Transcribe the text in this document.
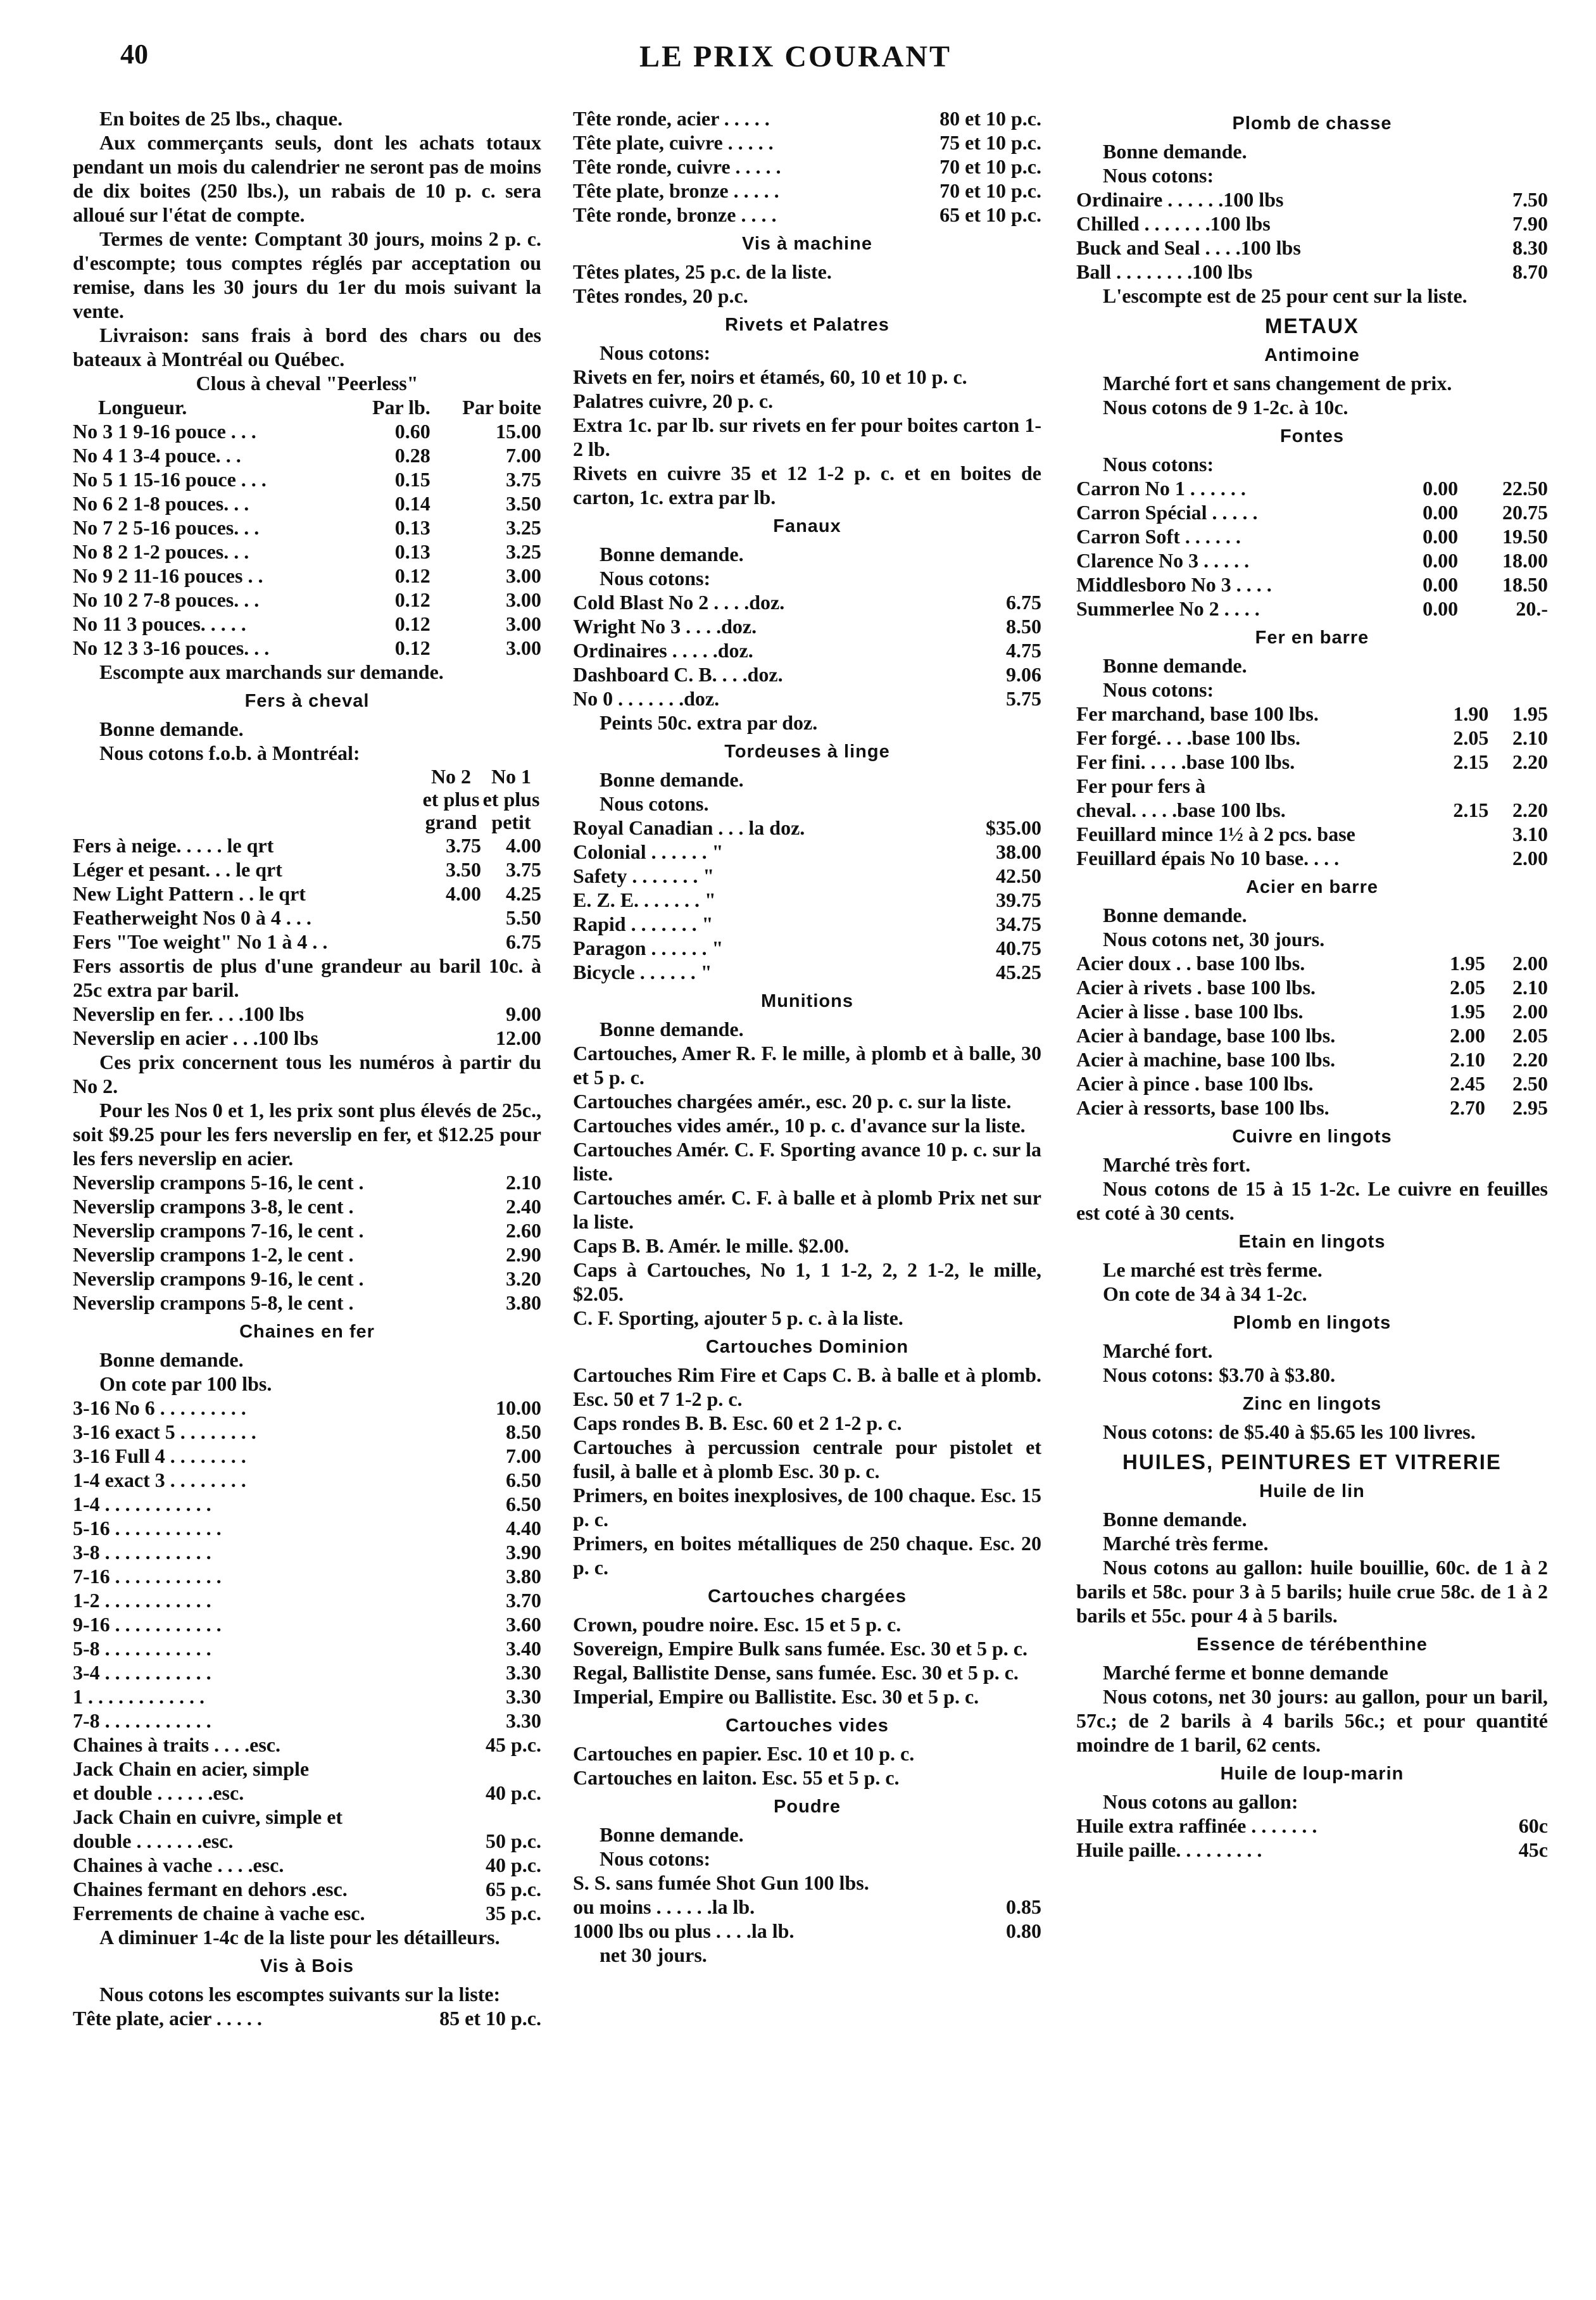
40	LE PRIX COURANT

En boites de 25 lbs., chaque.

Aux commerçants seuls, dont les achats totaux pendant un mois du calendrier ne seront pas de moins de dix boites (250 lbs.), un rabais de 10 p. c. sera alloué sur l'état de compte.

Termes de vente: Comptant 30 jours, moins 2 p. c. d'escompte; tous comptes réglés par acceptation ou remise, dans les 30 jours du 1er du mois suivant la vente.

Livraison: sans frais à bord des chars ou des bateaux à Montréal ou Québec.

Clous à cheval "Peerless"

Longueur.	Par lb.	Par boite
No 3 1 9-16 pouce . . .	0.60	15.00
No 4 1 3-4 pouce. . .	0.28	7.00
No 5 1 15-16 pouce . . .	0.15	3.75
No 6 2 1-8 pouces. . .	0.14	3.50
No 7 2 5-16 pouces. . .	0.13	3.25
No 8 2 1-2 pouces. . .	0.13	3.25
No 9 2 11-16 pouces . .	0.12	3.00
No 10 2 7-8 pouces. . .	0.12	3.00
No 11 3 pouces. . . . .	0.12	3.00
No 12 3 3-16 pouces. . .	0.12	3.00

Escompte aux marchands sur demande.

Fers à cheval

Bonne demande.

Nous cotons f.o.b. à Montréal:

	No 2 et plus grand	No 1 et plus petit
Fers à neige. . . . . le qrt	3.75	4.00
Léger et pesant. . . le qrt	3.50	3.75
New Light Pattern . . le qrt	4.00	4.25
Featherweight Nos 0 à 4 . . .		5.50
Fers "Toe weight" No 1 à 4 . .		6.75

Fers assortis de plus d'une grandeur au baril 10c. à 25c extra par baril.

Neverslip en fer. . . .100 lbs	9.00
Neverslip en acier . . .100 lbs	12.00

Ces prix concernent tous les numéros à partir du No 2.

Pour les Nos 0 et 1, les prix sont plus élevés de 25c., soit $9.25 pour les fers neverslip en fer, et $12.25 pour les fers neverslip en acier.

Neverslip crampons 5-16, le cent .	2.10
Neverslip crampons 3-8, le cent .	2.40
Neverslip crampons 7-16, le cent .	2.60
Neverslip crampons 1-2, le cent .	2.90
Neverslip crampons 9-16, le cent .	3.20
Neverslip crampons 5-8, le cent .	3.80
Chaines en fer

Bonne demande.

On cote par 100 lbs.

3-16 No 6 . . . . . . . . .	10.00
3-16 exact 5 . . . . . . . .	8.50
3-16 Full 4 . . . . . . . .	7.00
1-4 exact 3 . . . . . . . .	6.50
1-4 . . . . . . . . . . .	6.50
5-16 . . . . . . . . . . .	4.40
3-8 . . . . . . . . . . .	3.90
7-16 . . . . . . . . . . .	3.80
1-2 . . . . . . . . . . .	3.70
9-16 . . . . . . . . . . .	3.60
5-8 . . . . . . . . . . .	3.40
3-4 . . . . . . . . . . .	3.30
1 . . . . . . . . . . . .	3.30
7-8 . . . . . . . . . . .	3.30
Chaines à traits . . . .esc.	45 p.c.
Jack Chain en acier, simple	
et double . . . . . .esc.	40 p.c.
Jack Chain en cuivre, simple et	
double . . . . . . .esc.	50 p.c.
Chaines à vache . . . .esc.	40 p.c.
Chaines fermant en dehors .esc.	65 p.c.
Ferrements de chaine à vache esc.	35 p.c.

A diminuer 1-4c de la liste pour les détailleurs.

Vis à Bois

Nous cotons les escomptes suivants sur la liste:

Tête plate, acier . . . . .	85 et 10 p.c.
Tête ronde, acier . . . . .	80 et 10 p.c.
Tête plate, cuivre . . . . .	75 et 10 p.c.
Tête ronde, cuivre . . . . .	70 et 10 p.c.
Tête plate, bronze . . . . .	70 et 10 p.c.
Tête ronde, bronze . . . .	65 et 10 p.c.
Vis à machine

Têtes plates, 25 p.c. de la liste.

Têtes rondes, 20 p.c.

Rivets et Palatres

Nous cotons:

Rivets en fer, noirs et étamés, 60, 10 et 10 p. c.

Palatres cuivre, 20 p. c.

Extra 1c. par lb. sur rivets en fer pour boites carton 1-2 lb.

Rivets en cuivre 35 et 12 1-2 p. c. et en boites de carton, 1c. extra par lb.

Fanaux

Bonne demande.

Nous cotons:

Cold Blast No 2 . . . .doz.	6.75
Wright No 3 . . . .doz.	8.50
Ordinaires . . . . .doz.	4.75
Dashboard C. B. . . .doz.	9.06
No 0 . . . . . . .doz.	5.75

Peints 50c. extra par doz.

Tordeuses à linge

Bonne demande.

Nous cotons.

Royal Canadian . . . la doz.	$35.00
Colonial . . . . . . "	38.00
Safety . . . . . . . "	42.50
E. Z. E. . . . . . . "	39.75
Rapid . . . . . . . "	34.75
Paragon . . . . . . "	40.75
Bicycle . . . . . . "	45.25
Munitions

Bonne demande.

Cartouches, Amer R. F. le mille, à plomb et à balle, 30 et 5 p. c.

Cartouches chargées amér., esc. 20 p. c. sur la liste.

Cartouches vides amér., 10 p. c. d'avance sur la liste.

Cartouches Amér. C. F. Sporting avance 10 p. c. sur la liste.

Cartouches amér. C. F. à balle et à plomb Prix net sur la liste.

Caps B. B. Amér. le mille. $2.00.

Caps à Cartouches, No 1, 1 1-2, 2, 2 1-2, le mille, $2.05.

C. F. Sporting, ajouter 5 p. c. à la liste.

Cartouches Dominion

Cartouches Rim Fire et Caps C. B. à balle et à plomb. Esc. 50 et 7 1-2 p. c.

Caps rondes B. B. Esc. 60 et 2 1-2 p. c.

Cartouches à percussion centrale pour pistolet et fusil, à balle et à plomb Esc. 30 p. c.

Primers, en boites inexplosives, de 100 chaque. Esc. 15 p. c.

Primers, en boites métalliques de 250 chaque. Esc. 20 p. c.

Cartouches chargées

Crown, poudre noire. Esc. 15 et 5 p. c.

Sovereign, Empire Bulk sans fumée. Esc. 30 et 5 p. c.

Regal, Ballistite Dense, sans fumée. Esc. 30 et 5 p. c.

Imperial, Empire ou Ballistite. Esc. 30 et 5 p. c.

Cartouches vides

Cartouches en papier. Esc. 10 et 10 p. c.

Cartouches en laiton. Esc. 55 et 5 p. c.

Poudre

Bonne demande.

Nous cotons:

S. S. sans fumée Shot Gun 100 lbs.

ou moins . . . . . .la lb.	0.85
1000 lbs ou plus . . . .la lb.	0.80

net 30 jours.

Plomb de chasse

Bonne demande.

Nous cotons:

Ordinaire . . . . . .100 lbs	7.50
Chilled . . . . . . .100 lbs	7.90
Buck and Seal . . . .100 lbs	8.30
Ball . . . . . . . .100 lbs	8.70

L'escompte est de 25 pour cent sur la liste.

METAUX
Antimoine

Marché fort et sans changement de prix.

Nous cotons de 9 1-2c. à 10c.

Fontes

Nous cotons:

Carron No 1 . . . . . .	0.00	22.50
Carron Spécial . . . . .	0.00	20.75
Carron Soft . . . . . .	0.00	19.50
Clarence No 3 . . . . .	0.00	18.00
Middlesboro No 3 . . . .	0.00	18.50
Summerlee No 2 . . . .	0.00	20.-
Fer en barre

Bonne demande.

Nous cotons:

Fer marchand, base 100 lbs.	1.90	1.95
Fer forgé. . . .base 100 lbs.	2.05	2.10
Fer fini. . . . .base 100 lbs.	2.15	2.20
Fer pour fers à		
cheval. . . . .base 100 lbs.	2.15	2.20
Feuillard mince 1½ à 2 pcs. base		3.10
Feuillard épais No 10 base. . . .		2.00
Acier en barre

Bonne demande.

Nous cotons net, 30 jours.

Acier doux . . base 100 lbs.	1.95	2.00
Acier à rivets . base 100 lbs.	2.05	2.10
Acier à lisse . base 100 lbs.	1.95	2.00
Acier à bandage, base 100 lbs.	2.00	2.05
Acier à machine, base 100 lbs.	2.10	2.20
Acier à pince . base 100 lbs.	2.45	2.50
Acier à ressorts, base 100 lbs.	2.70	2.95
Cuivre en lingots

Marché très fort.

Nous cotons de 15 à 15 1-2c. Le cuivre en feuilles est coté à 30 cents.

Etain en lingots

Le marché est très ferme.

On cote de 34 à 34 1-2c.

Plomb en lingots

Marché fort.

Nous cotons: $3.70 à $3.80.

Zinc en lingots

Nous cotons: de $5.40 à $5.65 les 100 livres.

HUILES, PEINTURES ET VITRERIE
Huile de lin

Bonne demande.

Marché très ferme.

Nous cotons au gallon: huile bouillie, 60c. de 1 à 2 barils et 58c. pour 3 à 5 barils; huile crue 58c. de 1 à 2 barils et 55c. pour 4 à 5 barils.

Essence de térébenthine

Marché ferme et bonne demande

Nous cotons, net 30 jours: au gallon, pour un baril, 57c.; de 2 barils à 4 barils 56c.; et pour quantité moindre de 1 baril, 62 cents.

Huile de loup-marin

Nous cotons au gallon:

Huile extra raffinée . . . . . . .	60c
Huile paille. . . . . . . . .	45c
